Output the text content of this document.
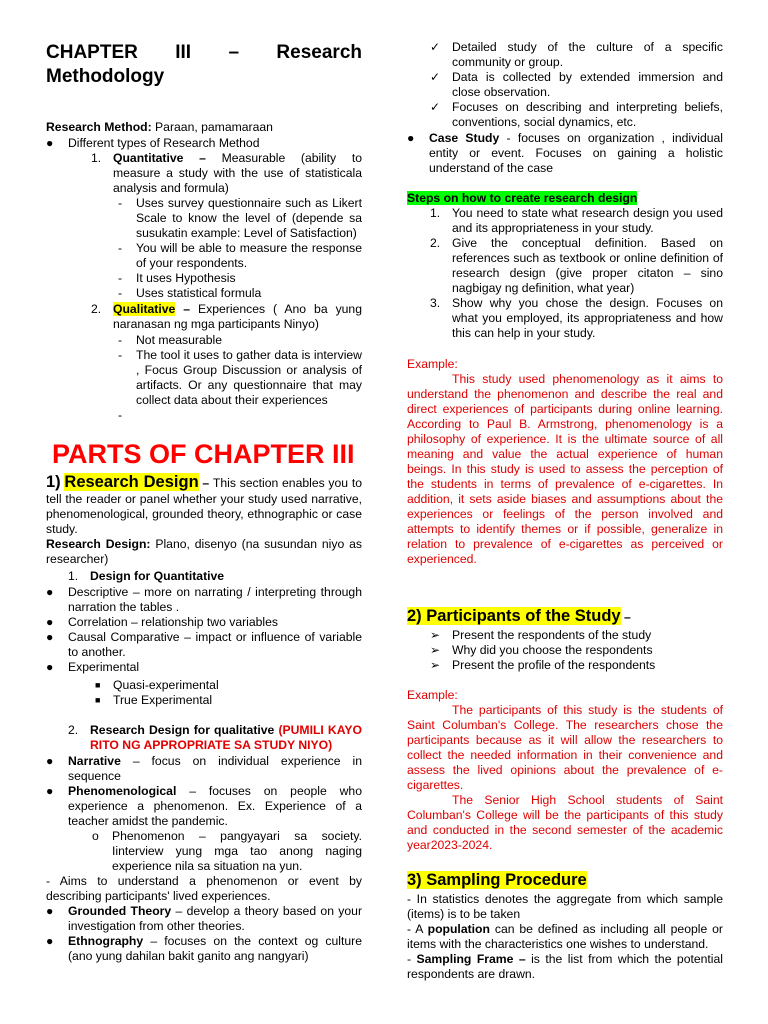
CHAPTER III – Research
Methodology
Research Method: Paraan, pamamaraan
● Different types of Research Method
1. Quantitative – Measurable (ability to measure a study with the use of statisticala analysis and formula)
- Uses survey questionnaire such as Likert Scale to know the level of (depende sa susukatin example: Level of Satisfaction)
- You will be able to measure the response of your respondents.
- It uses Hypothesis
- Uses statistical formula
2. Qualitative – Experiences ( Ano ba yung naranasan ng mga participants Ninyo)
- Not measurable
- The tool it uses to gather data is interview , Focus Group Discussion or analysis of artifacts. Or any questionnaire that may collect data about their experiences
-
PARTS OF CHAPTER III

1) Research Design – This section enables you to tell the reader or panel whether your study used narrative, phenomenological, grounded theory, ethnographic or case study.

Research Design: Plano, disenyo (na susundan niyo as researcher)

1. Design for Quantitative
● Descriptive – more on narrating / interpreting through narration the tables .
● Correlation – relationship two variables
● Causal Comparative – impact or influence of variable to another.
● Experimental
■ Quasi-experimental
■ True Experimental
2. Research Design for qualitative (PUMILI KAYO RITO NG APPROPRIATE SA STUDY NIYO)
● Narrative – focus on individual experience in sequence
● Phenomenological – focuses on people who experience a phenomenon. Ex. Experience of a teacher amidst the pandemic.
o Phenomenon – pangyayari sa society. Iinterview yung mga tao anong naging experience nila sa situation na yun.
- Aims to understand a phenomenon or event by describing participants' lived experiences.
● Grounded Theory – develop a theory based on your investigation from other theories.
● Ethnography – focuses on the context og culture (ano yung dahilan bakit ganito ang nangyari)
✓ Detailed study of the culture of a specific community or group.
✓ Data is collected by extended immersion and close observation.
✓ Focuses on describing and interpreting beliefs, conventions, social dynamics, etc.
● Case Study - focuses on organization , individual entity or event. Focuses on gaining a holistic understand of the case
Steps on how to create research design
1. You need to state what research design you used and its appropriateness in your study.
2. Give the conceptual definition. Based on references such as textbook or online definition of research design (give proper citaton – sino nagbigay ng definition, what year)
3. Show why you chose the design. Focuses on what you employed, its appropriateness and how this can help in your study.

Example:

This study used phenomenology as it aims to understand the phenomenon and describe the real and direct experiences of participants during online learning. According to Paul B. Armstrong, phenomenology is a philosophy of experience. It is the ultimate source of all meaning and value the actual experience of human beings. In this study is used to assess the perception of the students in terms of prevalence of e-cigarettes. In addition, it sets aside biases and assumptions about the experiences or feelings of the person involved and attempts to identify themes or if possible, generalize in relation to prevalence of e-cigarettes as perceived or experienced.

2) Participants of the Study –
➢ Present the respondents of the study
➢ Why did you choose the respondents
➢ Present the profile of the respondents

Example:

The participants of this study is the students of Saint Columban's College. The researchers chose the participants because as it will allow the researchers to collect the needed information in their convenience and assess the lived opinions about the prevalence of e-cigarettes.

The Senior High School students of Saint Columban's College will be the participants of this study and conducted in the second semester of the academic year2023-2024.

3) Sampling Procedure

- In statistics denotes the aggregate from which sample (items) is to be taken

- A population can be defined as including all people or items with the characteristics one wishes to understand.

- Sampling Frame – is the list from which the potential respondents are drawn.
